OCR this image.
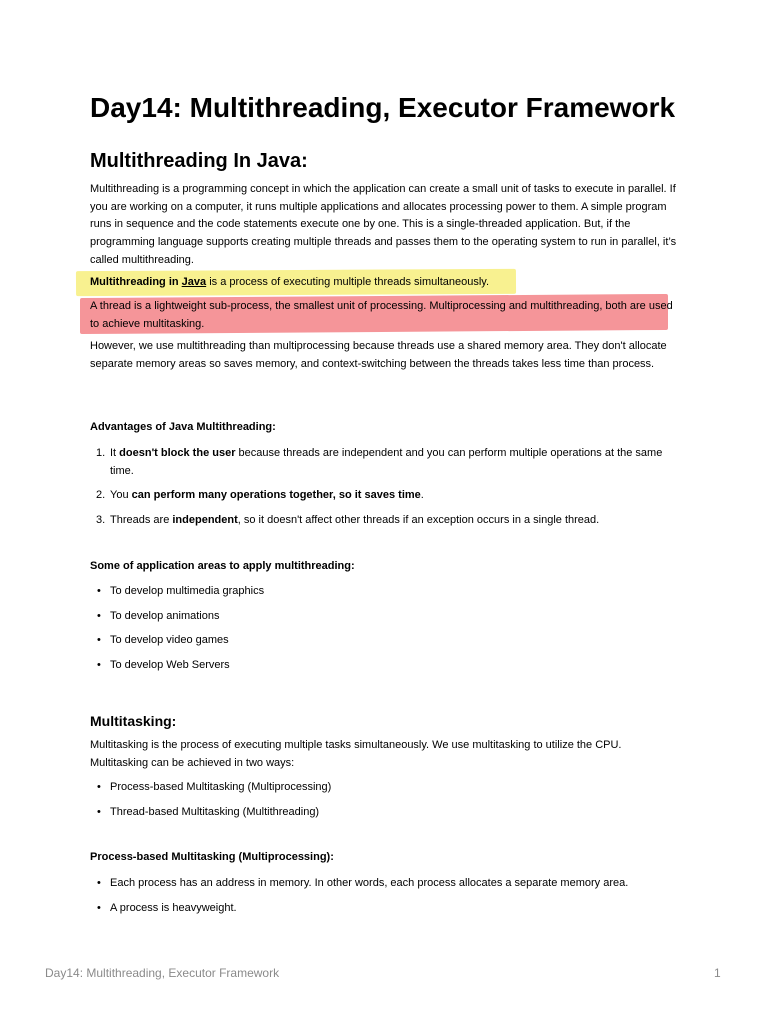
Day14: Multithreading, Executor Framework
Multithreading In Java:

Multithreading is a programming concept in which the application can create a small unit of tasks to execute in parallel. If you are working on a computer, it runs multiple applications and allocates processing power to them. A simple program runs in sequence and the code statements execute one by one. This is a single-threaded application. But, if the programming language supports creating multiple threads and passes them to the operating system to run in parallel, it’s called multithreading.

Multithreading in Java is a process of executing multiple threads simultaneously.

A thread is a lightweight sub-process, the smallest unit of processing. Multiprocessing and multithreading, both are used to achieve multitasking.

However, we use multithreading than multiprocessing because threads use a shared memory area. They don't allocate separate memory areas so saves memory, and context-switching between the threads takes less time than process.

Advantages of Java Multithreading:

1. It doesn't block the user because threads are independent and you can perform multiple operations at the same time.
2. You can perform many operations together, so it saves time.
3. Threads are independent, so it doesn't affect other threads if an exception occurs in a single thread.

Some of application areas to apply multithreading:

• To develop multimedia graphics
• To develop animations
• To develop video games
• To develop Web Servers
Multitasking:

Multitasking is the process of executing multiple tasks simultaneously. We use multitasking to utilize the CPU. Multitasking can be achieved in two ways:

• Process-based Multitasking (Multiprocessing)
• Thread-based Multitasking (Multithreading)

Process-based Multitasking (Multiprocessing):

• Each process has an address in memory. In other words, each process allocates a separate memory area.
• A process is heavyweight.
Day14: Multithreading, Executor Framework	1
